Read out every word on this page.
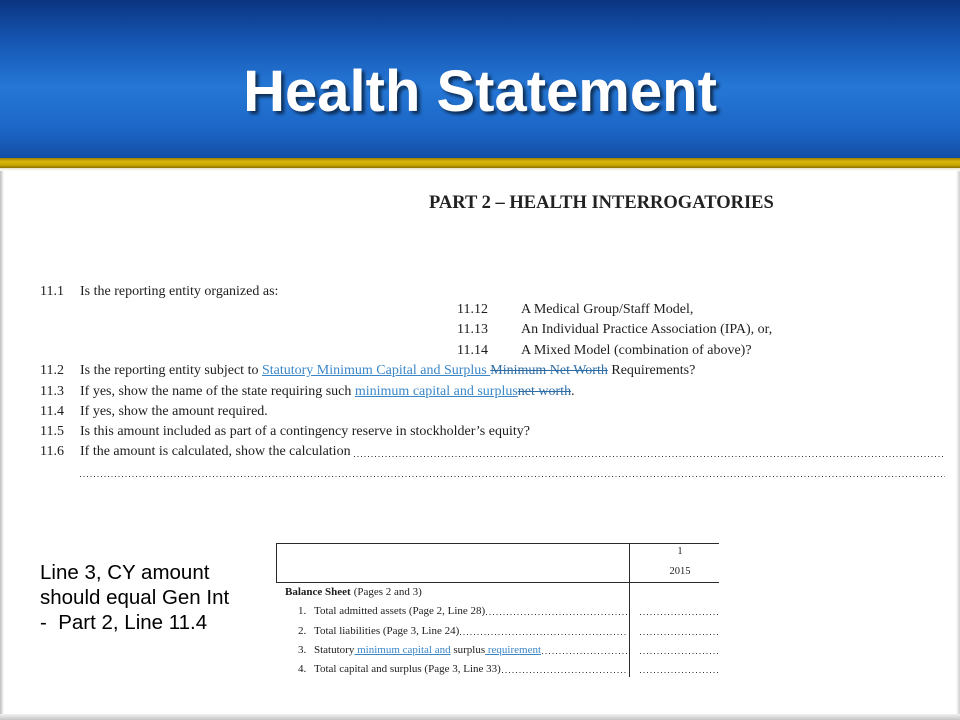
Health Statement
PART 2 – HEALTH INTERROGATORIES
11.1 Is the reporting entity organized as:
11.12 A Medical Group/Staff Model,
11.13 An Individual Practice Association (IPA), or,
11.14 A Mixed Model (combination of above)?
11.2 Is the reporting entity subject to Statutory Minimum Capital and Surplus Minimum Net Worth Requirements?
11.3 If yes, show the name of the state requiring such minimum capital and surplusnet worth.
11.4 If yes, show the amount required.
11.5 Is this amount included as part of a contingency reserve in stockholder’s equity?
11.6 If the amount is calculated, show the calculation
Line 3, CY amount
should equal Gen Int
-  Part 2, Line 11.4
1
2015
Balance Sheet (Pages 2 and 3)
1. Total admitted assets (Page 2, Line 28)
2. Total liabilities (Page 3, Line 24)
3. Statutory minimum capital and surplus requirement
4. Total capital and surplus (Page 3, Line 33)
